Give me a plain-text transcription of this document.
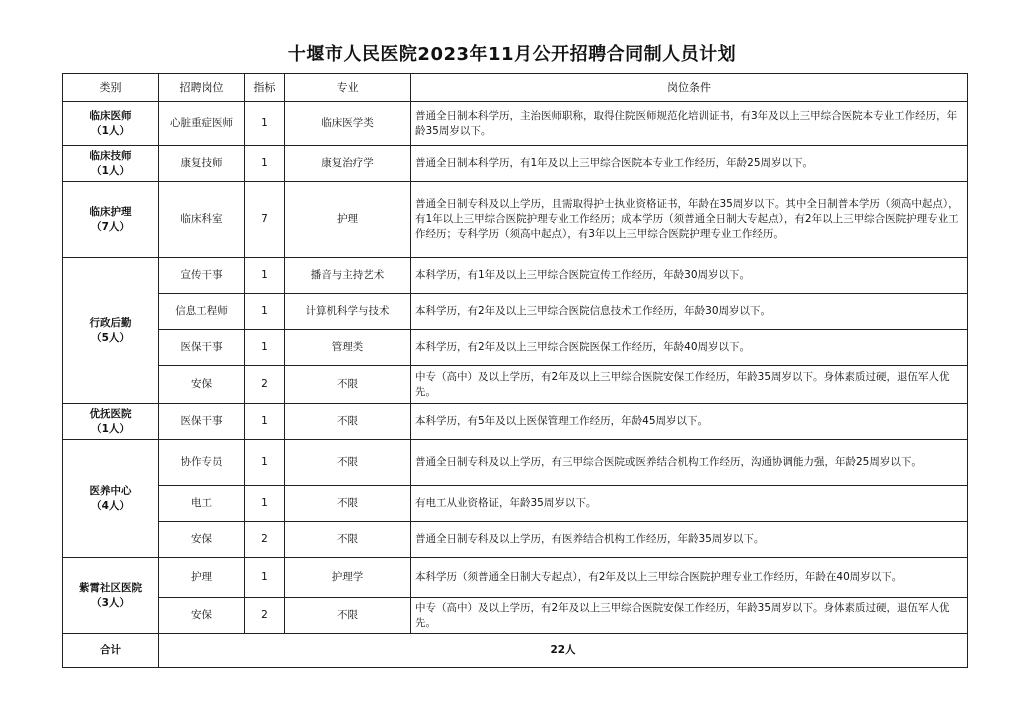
十堰市人民医院2023年11月公开招聘合同制人员计划
类别	招聘岗位	指标	专业	岗位条件

临床医师
（1人）	心脏重症医师	1	临床医学类	普通全日制本科学历，主治医师职称，取得住院医师规范化培训证书，有3年及以上三甲综合医院本专业工作经历，年龄35周岁以下。

临床技师
（1人）	康复技师	1	康复治疗学	普通全日制本科学历，有1年及以上三甲综合医院本专业工作经历，年龄25周岁以下。

临床护理
（7人）	临床科室	7	护理	普通全日制专科及以上学历，且需取得护士执业资格证书，年龄在35周岁以下。其中全日制普本学历（须高中起点），有1年以上三甲综合医院护理专业工作经历；成本学历（须普通全日制大专起点），有2年以上三甲综合医院护理专业工作经历；专科学历（须高中起点），有3年以上三甲综合医院护理专业工作经历。

行政后勤
（5人）	宣传干事	1	播音与主持艺术	本科学历，有1年及以上三甲综合医院宣传工作经历，年龄30周岁以下。
	信息工程师	1	计算机科学与技术	本科学历，有2年及以上三甲综合医院信息技术工作经历，年龄30周岁以下。
	医保干事	1	管理类	本科学历，有2年及以上三甲综合医院医保工作经历，年龄40周岁以下。
	安保	2	不限	中专（高中）及以上学历，有2年及以上三甲综合医院安保工作经历，年龄35周岁以下。身体素质过硬，退伍军人优先。

优抚医院
（1人）	医保干事	1	不限	本科学历，有5年及以上医保管理工作经历，年龄45周岁以下。

医养中心
（4人）	协作专员	1	不限	普通全日制专科及以上学历，有三甲综合医院或医养结合机构工作经历，沟通协调能力强，年龄25周岁以下。
	电工	1	不限	有电工从业资格证，年龄35周岁以下。
	安保	2	不限	普通全日制专科及以上学历，有医养结合机构工作经历，年龄35周岁以下。

紫霄社区医院
（3人）	护理	1	护理学	本科学历（须普通全日制大专起点），有2年及以上三甲综合医院护理专业工作经历，年龄在40周岁以下。
	安保	2	不限	中专（高中）及以上学历，有2年及以上三甲综合医院安保工作经历，年龄35周岁以下。身体素质过硬，退伍军人优先。
合计	22人			
